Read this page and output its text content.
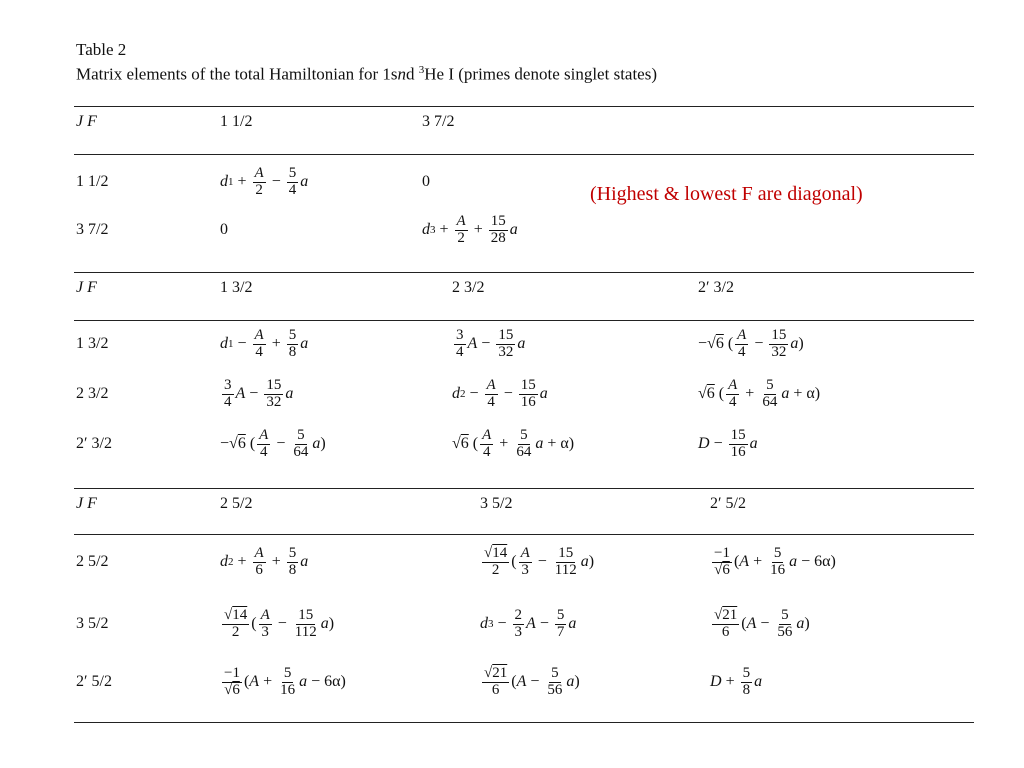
Table 2
Matrix elements of the total Hamiltonian for 1snd $^3$He I (primes denote singlet states)
J F	1 1/2	3 7/2
1 1/2	d $1 + \frac{A}{2} - \frac{5}{4}$ a	0
3 7/2	0	d $3 + \frac{A}{2} + \frac{15}{28}$ a
(Highest & lowest F are diagonal)
J F	1 3/2	2 3/2	2′ 3/2
1 3/2	d $1 - \frac{A}{4} + \frac{5}{8}$ a	$\frac{3}{4}$ $A - \frac{15}{32}$ a	−√ 6 ( $\frac{A}{4} - \frac{15}{32}$ a )
2 3/2	$\frac{3}{4}$ $A - \frac{15}{32}$ a	d $2 - \frac{A}{4} - \frac{15}{16}$ a	√ 6 ( $\frac{A}{4} + \frac{5}{64}$ a + α)
2′ 3/2	−√ 6 ( $\frac{A}{4} - \frac{5}{64}$ a )	√ 6 ( $\frac{A}{4} + \frac{5}{64}$ a + α)	$D - \frac{15}{16}$ a
J F	2 5/2	3 5/2	2′ 5/2
2 5/2	d $2 + \frac{A}{6} + \frac{5}{8}$ a	$\frac{√14}{2}$ ( $\frac{A}{3} - \frac{15}{112}$ a )	$\frac{-1}{√6}$ ( $A + \frac{5}{16}$ a − 6α)
3 5/2	$\frac{√14}{2}$ ( $\frac{A}{3} - \frac{15}{112}$ a )	d $3 - \frac{2}{3}$ $A - \frac{5}{7}$ a	$\frac{√21}{6}$ ( $A - \frac{5}{56}$ a )
2′ 5/2	$\frac{-1}{√6}$ ( $A + \frac{5}{16}$ a − 6α)	$\frac{√21}{6}$ ( $A - \frac{5}{56}$ a )	$D + \frac{5}{8}$ a
